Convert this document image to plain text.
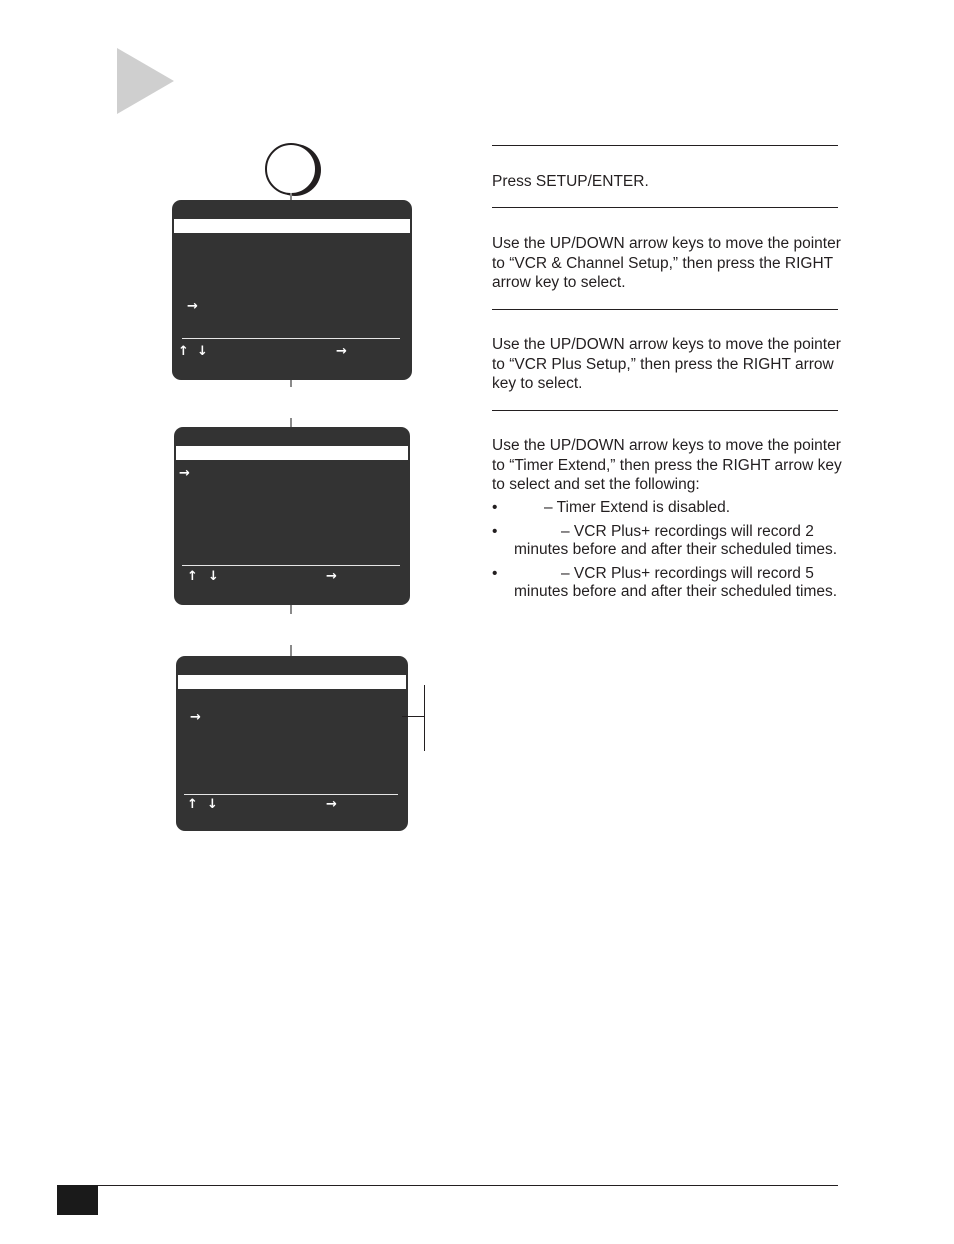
→
↑ ↓	→
→
↑ ↓	→
→
↑ ↓	→
Press SETUP/ENTER.
Use the UP/DOWN arrow keys to move the pointer to “VCR & Channel Setup,” then press the RIGHT arrow key to select.
Use the UP/DOWN arrow keys to move the pointer to “VCR Plus Setup,” then press the RIGHT arrow key to select.
Use the UP/DOWN arrow keys to move the pointer to “Timer Extend,” then press the RIGHT arrow key to select and set the following:
•	– Timer Extend is disabled.
•	– VCR Plus+ recordings will record 2 minutes before and after their scheduled times.
•	– VCR Plus+ recordings will record 5 minutes before and after their scheduled times.
